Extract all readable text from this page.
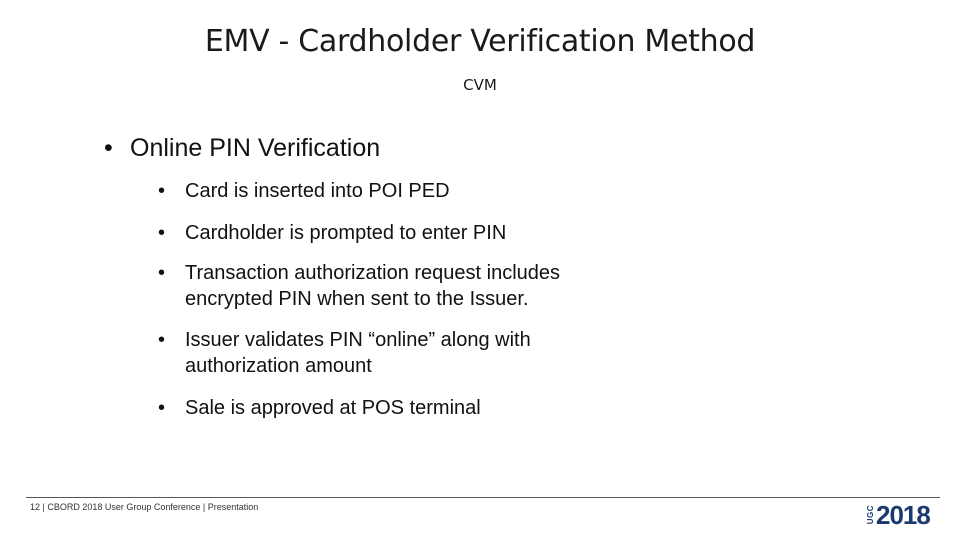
EMV - Cardholder Verification Method
CVM
• Online PIN Verification
• Card is inserted into POI PED
• Cardholder is prompted to enter PIN
• Transaction authorization request includes encrypted PIN when sent to the Issuer.
• Issuer validates PIN “online” along with authorization amount
• Sale is approved at POS terminal
12 | CBORD 2018 User Group Conference | Presentation	UGC 2018
